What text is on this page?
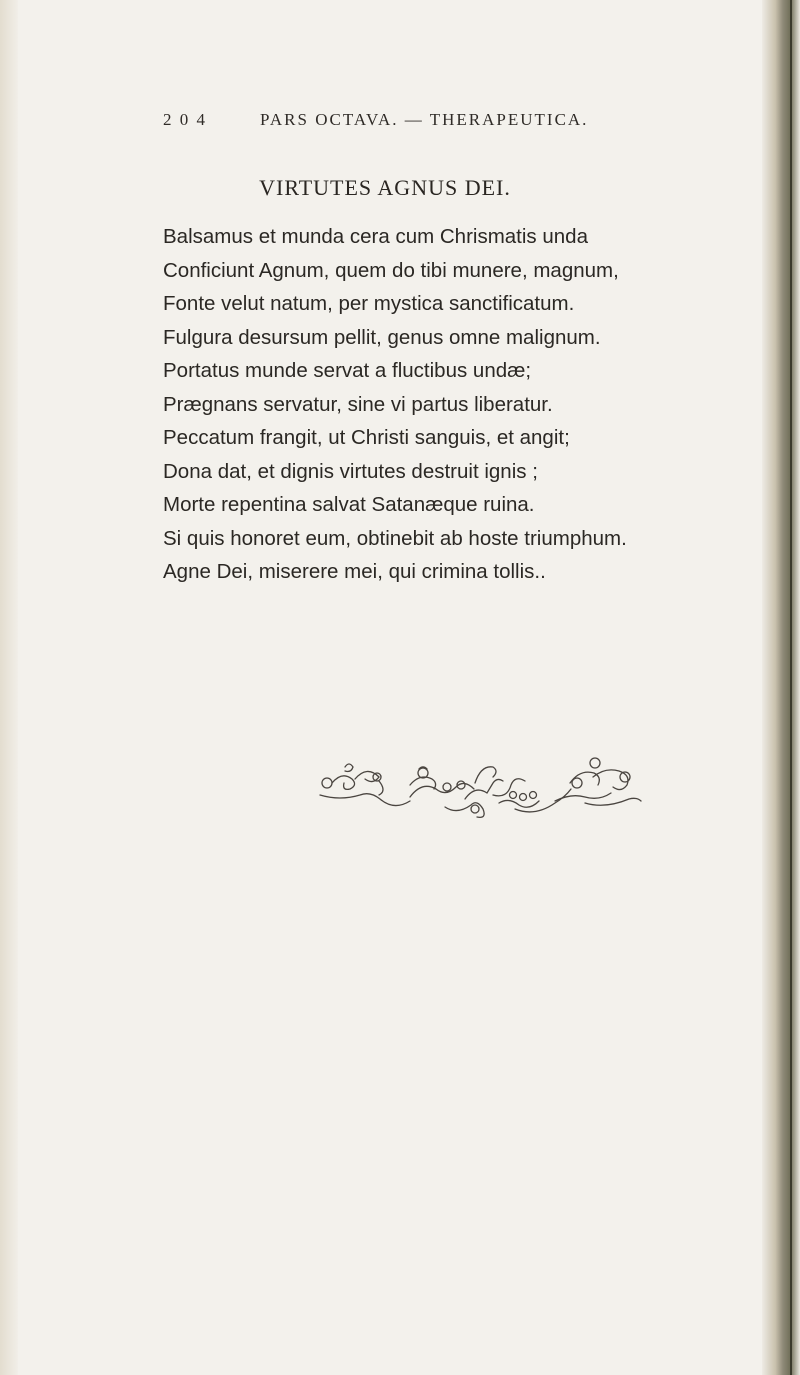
2 0 4	PARS OCTAVA. — THERAPEUTICA.
VIRTUTES AGNUS DEI.
Balsamus et munda cera cum Chrismatis unda
Conficiunt Agnum, quem do tibi munere, magnum,
Fonte velut natum, per mystica sanctificatum.
Fulgura desursum pellit, genus omne malignum.
Portatus munde servat a fluctibus undæ;
Prægnans servatur, sine vi partus liberatur.
Peccatum frangit, ut Christi sanguis, et angit;
Dona dat, et dignis virtutes destruit ignis ;
Morte repentina salvat Satanæque ruina.
Si quis honoret eum, obtinebit ab hoste triumphum.
Agne Dei, miserere mei, qui crimina tollis..
